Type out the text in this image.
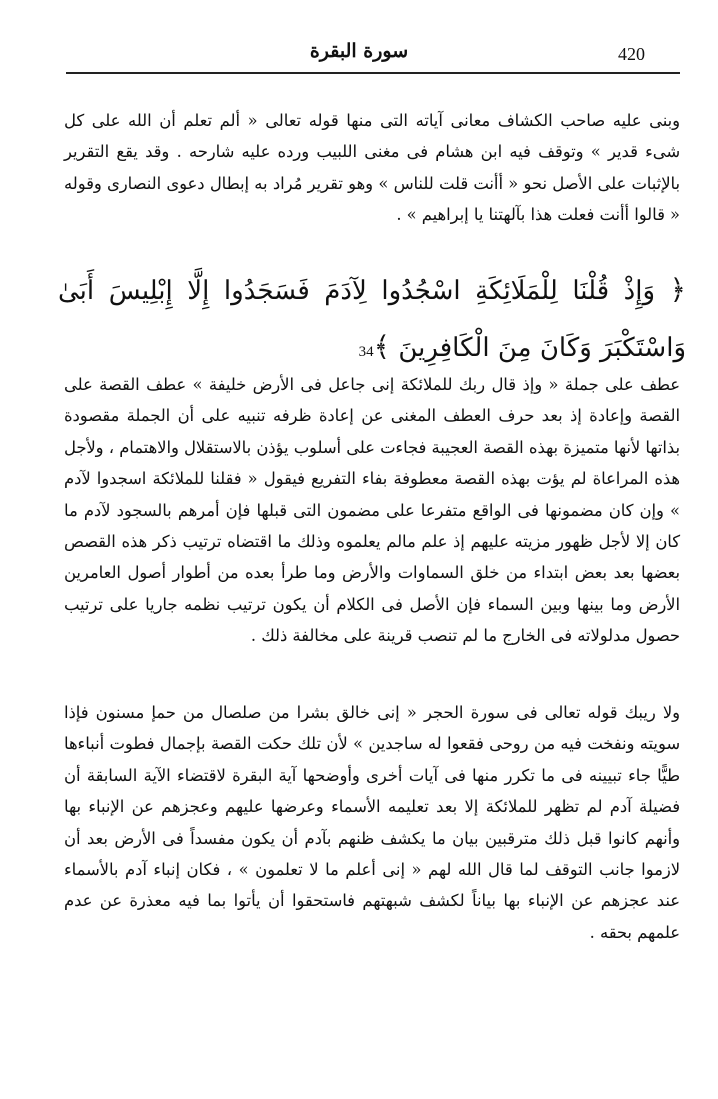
420
سورة البقرة

وبنى عليه صاحب الكشاف معانى آياته التى منها قوله تعالى « ألم تعلم أن الله على كل شىء قدير » وتوقف فيه ابن هشام فى مغنى اللبيب ورده عليه شارحه . وقد يقع التقرير بالإثبات على الأصل نحو « أأنت قلت للناس » وهو تقرير مُراد به إبطال دعوى النصارى وقوله « قالوا أأنت فعلت هذا بآلهتنا يا إبراهيم » .

﴿ وَإِذْ قُلْنَا لِلْمَلَائِكَةِ اسْجُدُوا لِآدَمَ فَسَجَدُوا إِلَّا إِبْلِيسَ أَبَىٰ وَاسْتَكْبَرَ وَكَانَ مِنَ الْكَافِرِينَ ﴾34

عطف على جملة « وإذ قال ربك للملائكة إنى جاعل فى الأرض خليفة » عطف القصة على القصة وإعادة إذ بعد حرف العطف المغنى عن إعادة ظرفه تنبيه على أن الجملة مقصودة بذاتها لأنها متميزة بهذه القصة العجيبة فجاءت على أسلوب يؤذن بالاستقلال والاهتمام ، ولأجل هذه المراعاة لم يؤت بهذه القصة معطوفة بفاء التفريع فيقول « فقلنا للملائكة اسجدوا لآدم » وإن كان مضمونها فى الواقع متفرعا على مضمون التى قبلها فإن أمرهم بالسجود لآدم ما كان إلا لأجل ظهور مزيته عليهم إذ علم مالم يعلموه وذلك ما اقتضاه ترتيب ذكر هذه القصص بعضها بعد بعض ابتداء من خلق السماوات والأرض وما طرأ بعده من أطوار أصول العامرين الأرض وما بينها وبين السماء فإن الأصل فى الكلام أن يكون ترتيب نظمه جاريا على ترتيب حصول مدلولاته فى الخارج ما لم تنصب قرينة على مخالفة ذلك .

ولا ريبك قوله تعالى فى سورة الحجر « إنى خالق بشرا من صلصال من حمإ مسنون فإذا سويته ونفخت فيه من روحى فقعوا له ساجدين » لأن تلك حكت القصة بإجمال فطوت أنباءها طيًّا جاء تبيينه فى ما تكرر منها فى آيات أخرى وأوضحها آية البقرة لاقتضاء الآية السابقة أن فضيلة آدم لم تظهر للملائكة إلا بعد تعليمه الأسماء وعرضها عليهم وعجزهم عن الإنباء بها وأنهم كانوا قبل ذلك مترقبين بيان ما يكشف ظنهم بآدم أن يكون مفسداً فى الأرض بعد أن لازموا جانب التوقف لما قال الله لهم « إنى أعلم ما لا تعلمون » ، فكان إنباء آدم بالأسماء عند عجزهم عن الإنباء بها بياناً لكشف شبهتهم فاستحقوا أن يأتوا بما فيه معذرة عن عدم علمهم بحقه .
